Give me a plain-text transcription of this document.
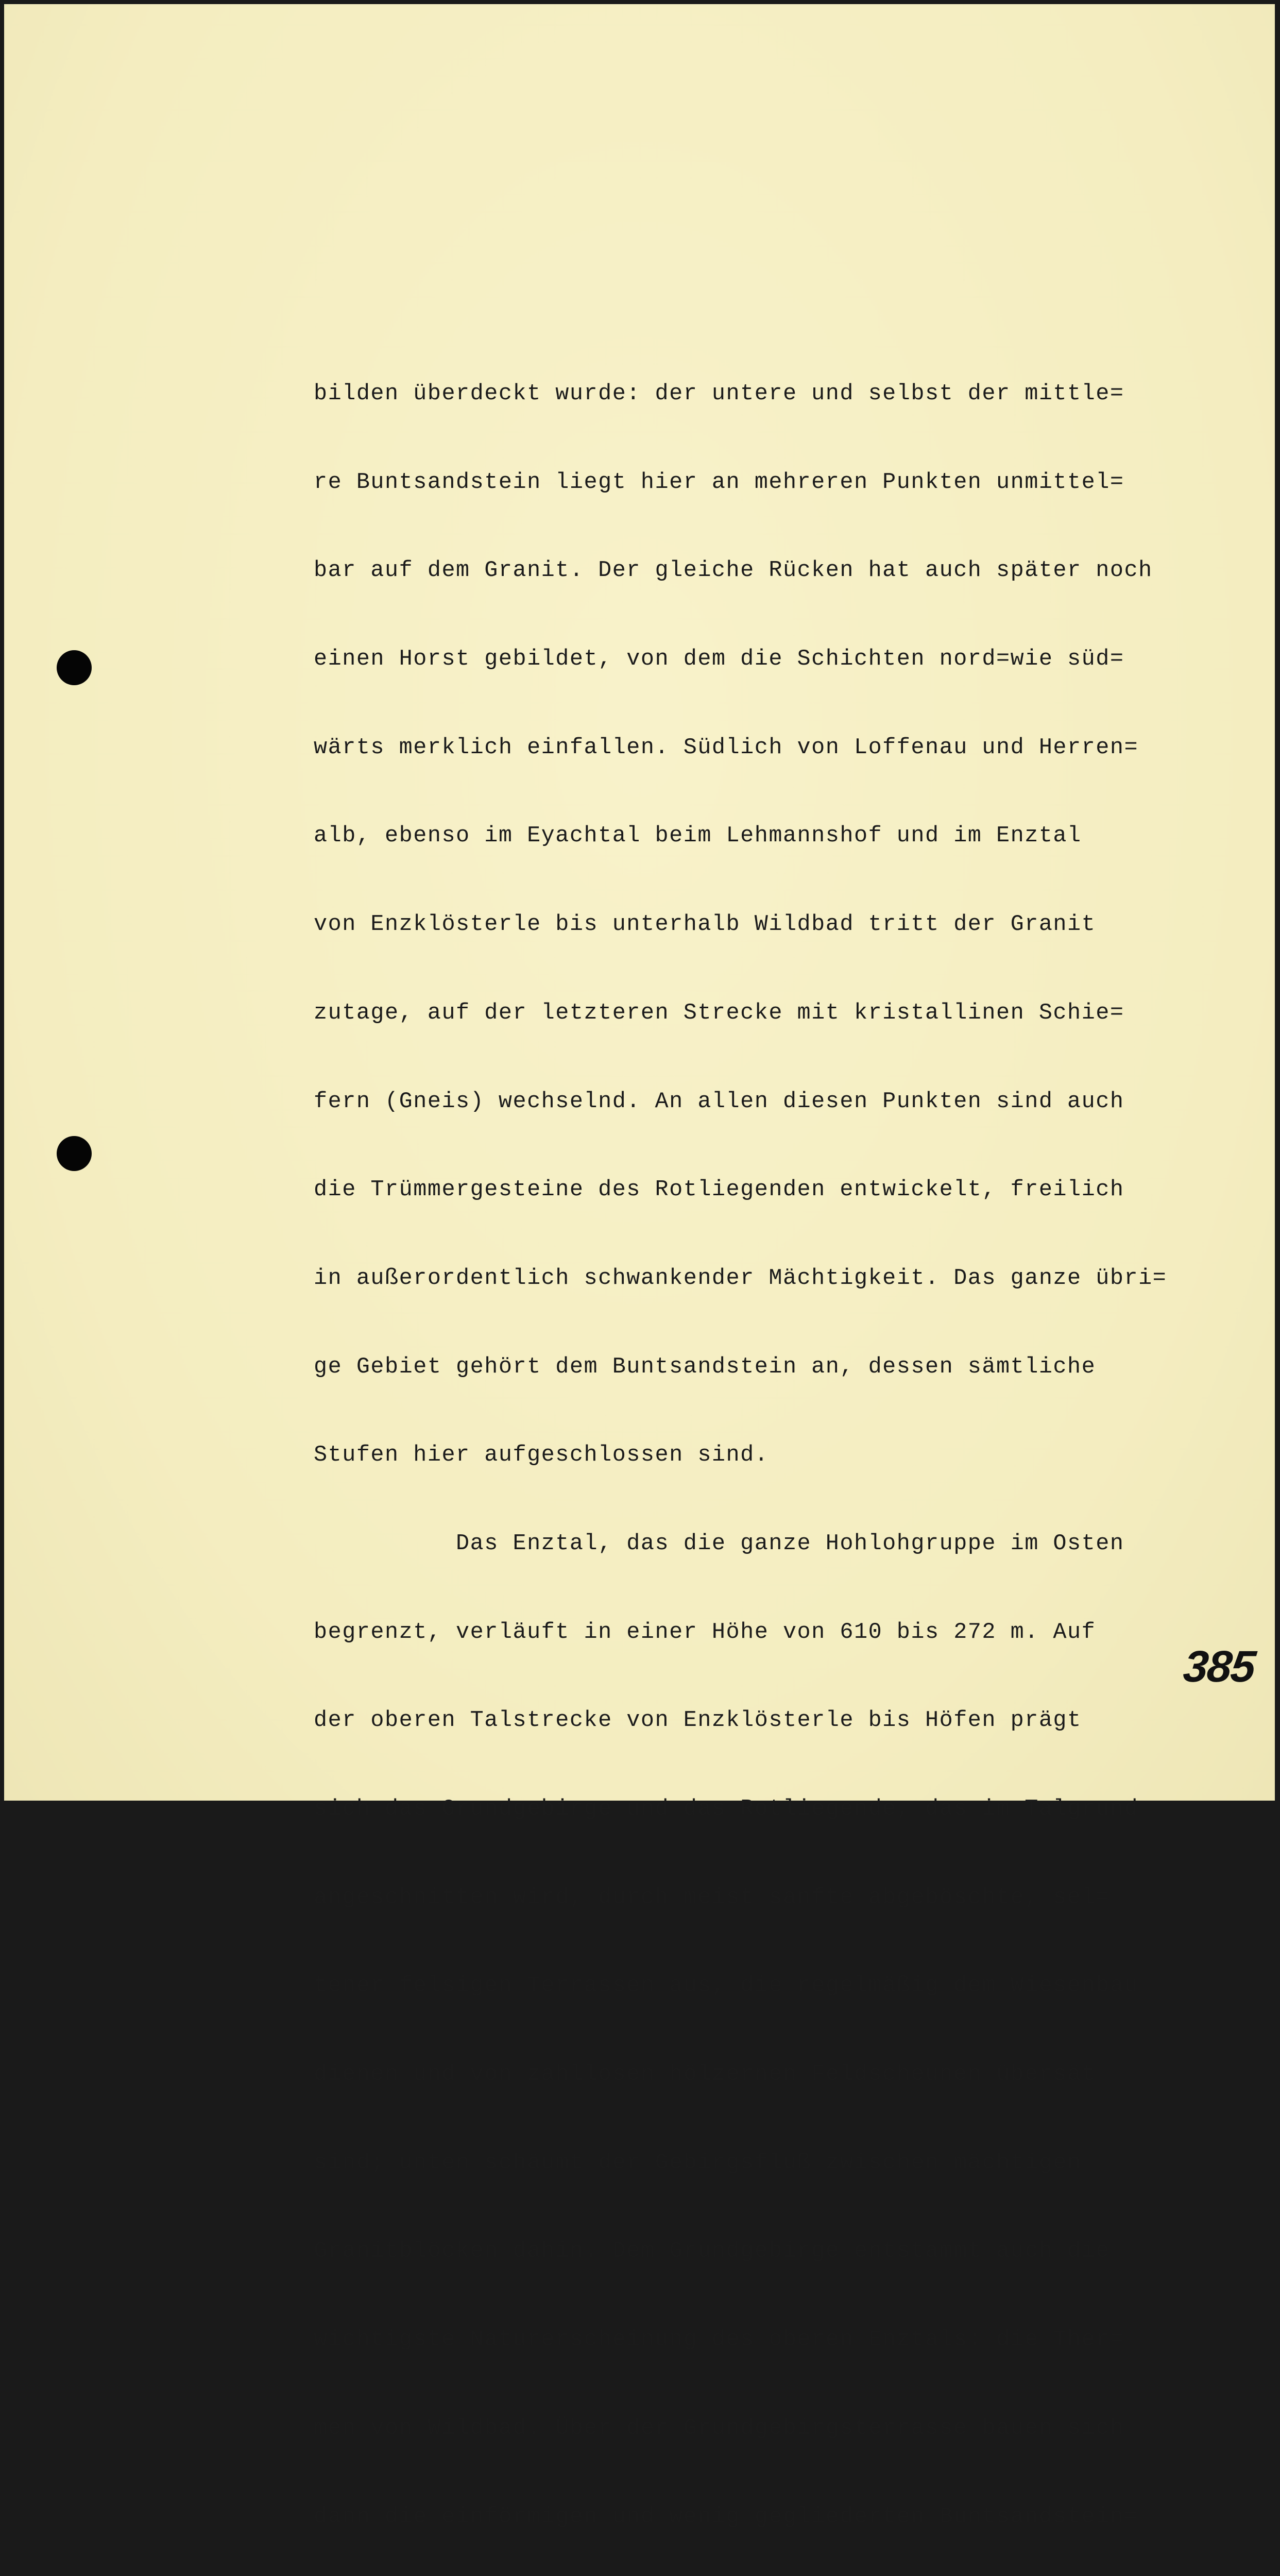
bilden überdeckt wurde: der untere und selbst der mittle=

re Buntsandstein liegt hier an mehreren Punkten unmittel=

bar auf dem Granit. Der gleiche Rücken hat auch später noch

einen Horst gebildet, von dem die Schichten nord=wie süd=

wärts merklich einfallen. Südlich von Loffenau und Herren=

alb, ebenso im Eyachtal beim Lehmannshof und im Enztal

von Enzklösterle bis unterhalb Wildbad tritt der Granit

zutage, auf der letzteren Strecke mit kristallinen Schie=

fern (Gneis) wechselnd. An allen diesen Punkten sind auch

die Trümmergesteine des Rotliegenden entwickelt, freilich

in außerordentlich schwankender Mächtigkeit. Das ganze übri=

ge Gebiet gehört dem Buntsandstein an, dessen sämtliche

Stufen hier aufgeschlossen sind.

Das Enztal, das die ganze Hohlohgruppe im Osten

begrenzt, verläuft in einer Höhe von 610 bis 272 m. Auf

der oberen Talstrecke von Enzklösterle bis Höfen prägt

sich das Grundgebirge und das Rotliegende, das im Talgrund

angeschnitten wird, durch meist sanfte abgeböschte, sel=

tener felsigen Terrassen aus, die regelmäßig dem Wiesenbau

dienen und von zahllosen hölzernen Feldscheunen übersät

sind; unten schäumt der Gebirgsfluß zwischen mächtigen

Granitblöcken dahin. Dem Grundgebirge entstammt auch die

wichtigste Naturerscheinung des oberen Enztals: die Ther=

men von Wildbad. Über der Grundgebirgsterrasse bauen sich

dann die einförmigen und wenig gegliederten Buntsandstein=

385
